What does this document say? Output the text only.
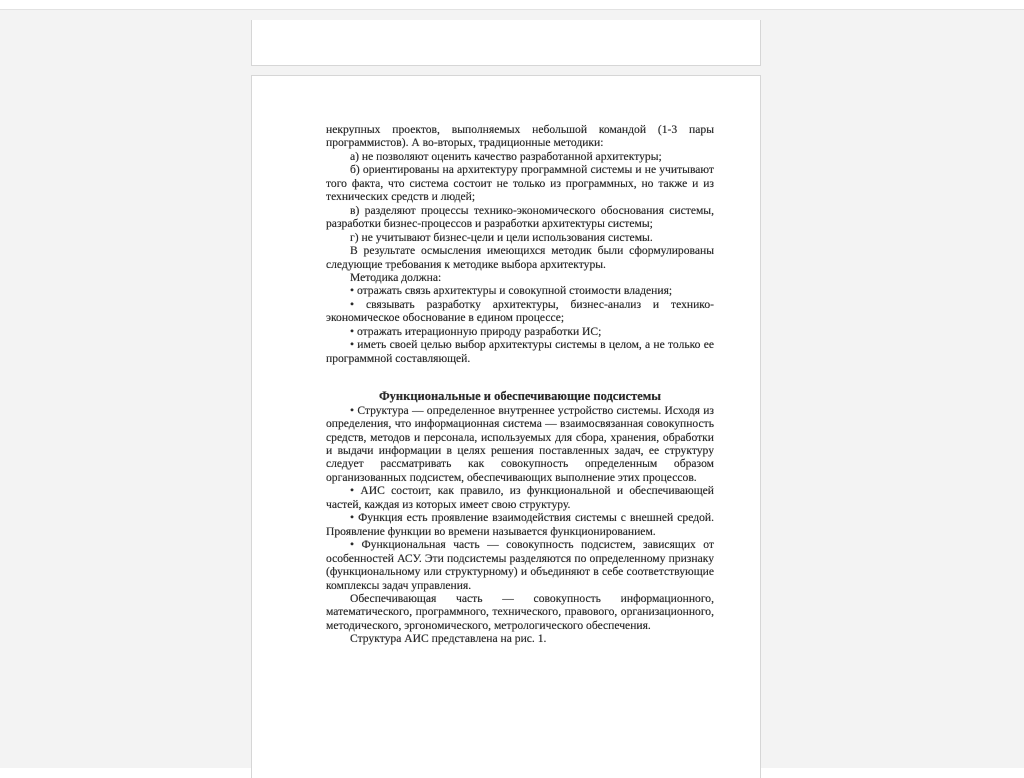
некрупных проектов, выполняемых небольшой командой (1-3 пары программистов). А во-вторых, традиционные методики:

а) не позволяют оценить качество разработанной архитектуры;

б) ориентированы на архитектуру программной системы и не учитывают того факта, что система состоит не только из программных, но также и из технических средств и людей;

в) разделяют процессы технико-экономического обоснования системы, разработки бизнес-процессов и разработки архитектуры системы;

г) не учитывают бизнес-цели и цели использования системы.

В результате осмысления имеющихся методик были сформулированы следующие требования к методике выбора архитектуры.

Методика должна:

• отражать связь архитектуры и совокупной стоимости владения;

• связывать разработку архитектуры, бизнес-анализ и технико-экономическое обоснование в едином процессе;

• отражать итерационную природу разработки ИС;

• иметь своей целью выбор архитектуры системы в целом, а не только ее программной составляющей.

Функциональные и обеспечивающие подсистемы

• Структура — определенное внутреннее устройство системы. Исходя из определения, что информационная система — взаимосвязанная совокупность средств, методов и персонала, используемых для сбора, хранения, обработки и выдачи информации в целях решения поставленных задач, ее структуру следует рассматривать как совокупность определенным образом организованных подсистем, обеспечивающих выполнение этих процессов.

• АИС состоит, как правило, из функциональной и обеспечивающей частей, каждая из которых имеет свою структуру.

• Функция есть проявление взаимодействия системы с внешней средой. Проявление функции во времени называется функционированием.

• Функциональная часть — совокупность подсистем, зависящих от особенностей АСУ. Эти подсистемы разделяются по определенному признаку (функциональному или структурному) и объединяют в себе соответствующие комплексы задач управления.

Обеспечивающая часть — совокупность информационного, математического, программного, технического, правового, организационного, методического, эргономического, метрологического обеспечения.

Структура АИС представлена на рис. 1.
